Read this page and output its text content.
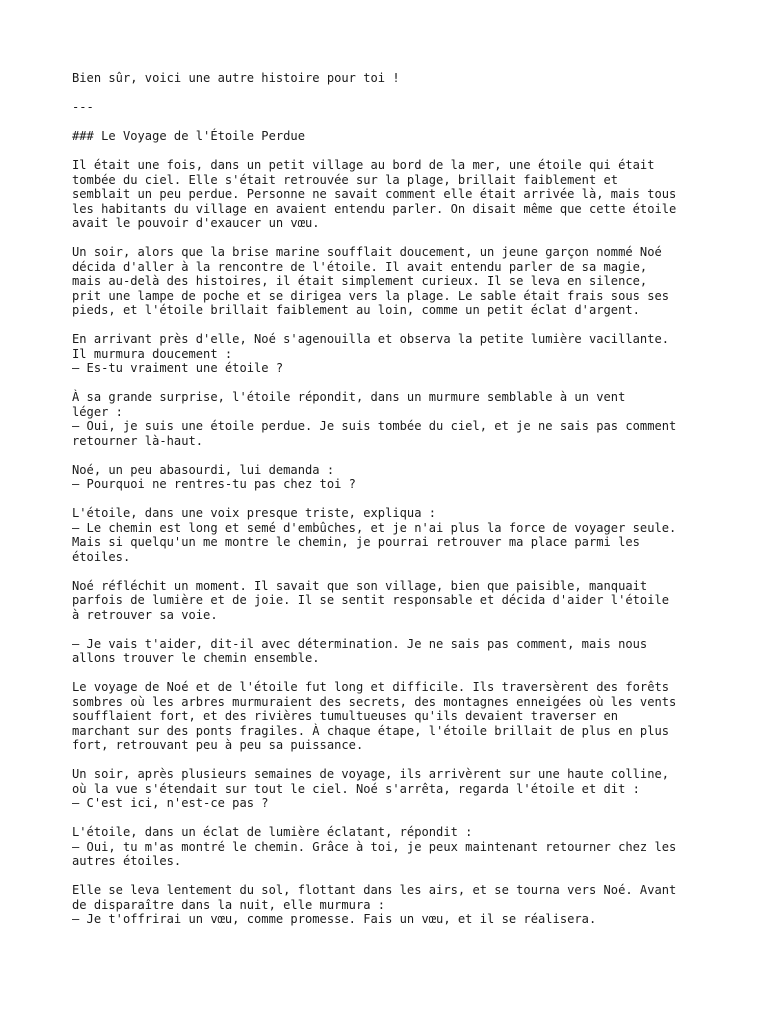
Bien sûr, voici une autre histoire pour toi !
---
### Le Voyage de l'Étoile Perdue
Il était une fois, dans un petit village au bord de la mer, une étoile qui était
tombée du ciel. Elle s'était retrouvée sur la plage, brillait faiblement et
semblait un peu perdue. Personne ne savait comment elle était arrivée là, mais tous
les habitants du village en avaient entendu parler. On disait même que cette étoile
avait le pouvoir d'exaucer un vœu.
Un soir, alors que la brise marine soufflait doucement, un jeune garçon nommé Noé
décida d'aller à la rencontre de l'étoile. Il avait entendu parler de sa magie,
mais au-delà des histoires, il était simplement curieux. Il se leva en silence,
prit une lampe de poche et se dirigea vers la plage. Le sable était frais sous ses
pieds, et l'étoile brillait faiblement au loin, comme un petit éclat d'argent.
En arrivant près d'elle, Noé s'agenouilla et observa la petite lumière vacillante.
Il murmura doucement :
– Es-tu vraiment une étoile ?
À sa grande surprise, l'étoile répondit, dans un murmure semblable à un vent
léger :
– Oui, je suis une étoile perdue. Je suis tombée du ciel, et je ne sais pas comment
retourner là-haut.
Noé, un peu abasourdi, lui demanda :
– Pourquoi ne rentres-tu pas chez toi ?
L'étoile, dans une voix presque triste, expliqua :
– Le chemin est long et semé d'embûches, et je n'ai plus la force de voyager seule.
Mais si quelqu'un me montre le chemin, je pourrai retrouver ma place parmi les
étoiles.
Noé réfléchit un moment. Il savait que son village, bien que paisible, manquait
parfois de lumière et de joie. Il se sentit responsable et décida d'aider l'étoile
à retrouver sa voie.
– Je vais t'aider, dit-il avec détermination. Je ne sais pas comment, mais nous
allons trouver le chemin ensemble.
Le voyage de Noé et de l'étoile fut long et difficile. Ils traversèrent des forêts
sombres où les arbres murmuraient des secrets, des montagnes enneigées où les vents
soufflaient fort, et des rivières tumultueuses qu'ils devaient traverser en
marchant sur des ponts fragiles. À chaque étape, l'étoile brillait de plus en plus
fort, retrouvant peu à peu sa puissance.
Un soir, après plusieurs semaines de voyage, ils arrivèrent sur une haute colline,
où la vue s'étendait sur tout le ciel. Noé s'arrêta, regarda l'étoile et dit :
– C'est ici, n'est-ce pas ?
L'étoile, dans un éclat de lumière éclatant, répondit :
– Oui, tu m'as montré le chemin. Grâce à toi, je peux maintenant retourner chez les
autres étoiles.
Elle se leva lentement du sol, flottant dans les airs, et se tourna vers Noé. Avant
de disparaître dans la nuit, elle murmura :
– Je t'offrirai un vœu, comme promesse. Fais un vœu, et il se réalisera.
